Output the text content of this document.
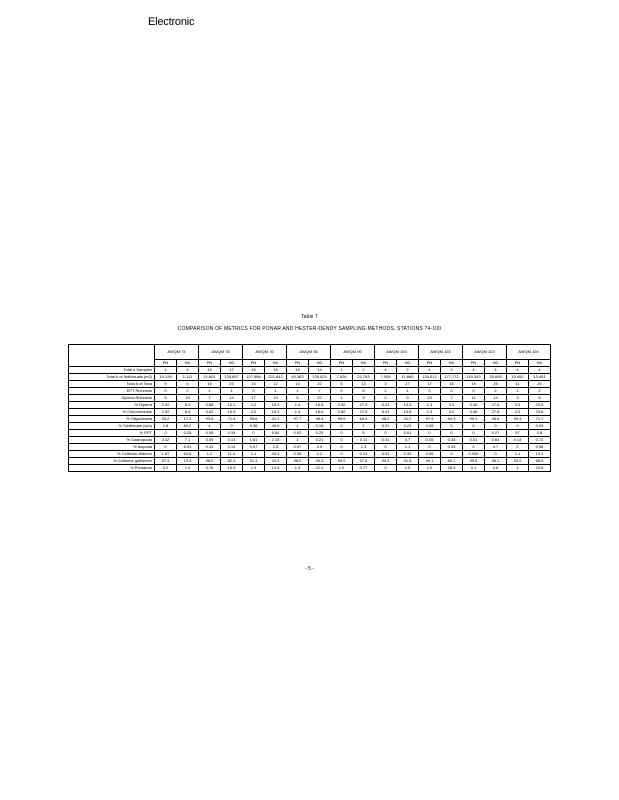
Electronic
Table 7
COMPARISON OF METRICS FOR PONAR AND HESTER-DENDY SAMPLING METHODS, STATIONS 74-100
	AWQM 74		AWQM 78		AWQM 76		AWQM 95		AWQM 99		AWQM 100		AWQM 103		AWQM 102		AWQM 104	
	PN	HD	PN	HD	PN	HD	PN	HD	PN	HD	PN	HD	PN	HD	PN	HD	PN	HD
Total # Samples	4	4	15	17	16	15	15	14	1	2	4	2	4	2	4	4	4	4
Total # of Individuals (m2)	19,128	1,111	21,801	135,657	107,586	221,842	40,383	135,029	7,026	22,763	7,008	11,860	134,012	177,772	119,343	35,608	10,492	13,461
Total # of Taxa	9	6	15	25	14	12	13	22	5	13	3	27	17	16	19	25	11	25
EPT Richness	0	2	1	1	0	1	1	7	0	5	2	1	0	0	0	2	2	2
Diptera Richness	5	15	7	14	17	19	5	20	1	9	0	9	13	7	11	14	3	8
% Diptera	2.92	8.4	0.88	10.1	1.2	16.3	1.4	16.8	0.92	27.9	5.41	13.3	1.3	3.3	0.46	27.6	3.3	23.5
% Chironomidae	2.92	8.4	0.82	10.3	2.2	16.3	1.4	16.6	0.82	27.9	5.41	13.8	1.3	3.2	0.46	27.8	3.3	23.6
% Oligochaeta	93.2	17.2	93.8	71.4	95.6	41.1	97.7	45.4	99.0	63.4	48.2	31.2	97.9	94.3	99.1	46.6	93.4	71.7
% Tubificidae (w/o)	1.8	84.2	4	0	9.36	49.0	1	0.16	0	2	5.21	0.23	0.05	0	0	0	0	0.05
% EPT	0	0.25	0.08	0.34	0	5.64	0.02	0.25	0	5	0	0.01	0	0	0	0.27	57	2.8
% Gastropoda	3.42	7.1	0.09	0.13	1.81	2.15	1	0.21	0	0.11	5.31	4.7	0.05	0.33	0.01	0.64	0.14	0.72
% Isopoda	0	6.91	0.43	0.14	0.07	2.5	0.07	0.5	0	1.3	0	1.1	0	0.33	0	4.7	0	0.98
% Collector-filterers	1.87	64.5	1.2	11.4	1.1	44.3	0.38	1.2	0	0.14	5.41	0.33	0.05	0	0.009	0	1.1	10.0
% Collector-gatherers	97.3	13.4	98.0	82.4	91.3	33.4	98.0	59.3	99.0	57.6	94.3	91.8	99.1	89.1	99.5	96.1	93.0	68.8
% Predators	0.2	1.4	0.76	10.3	1.9	14.9	1.3	21.1	1.0	0.77	0	1.5	1.0	28.3	0.1	2.6	1	24.5
- 5 -
